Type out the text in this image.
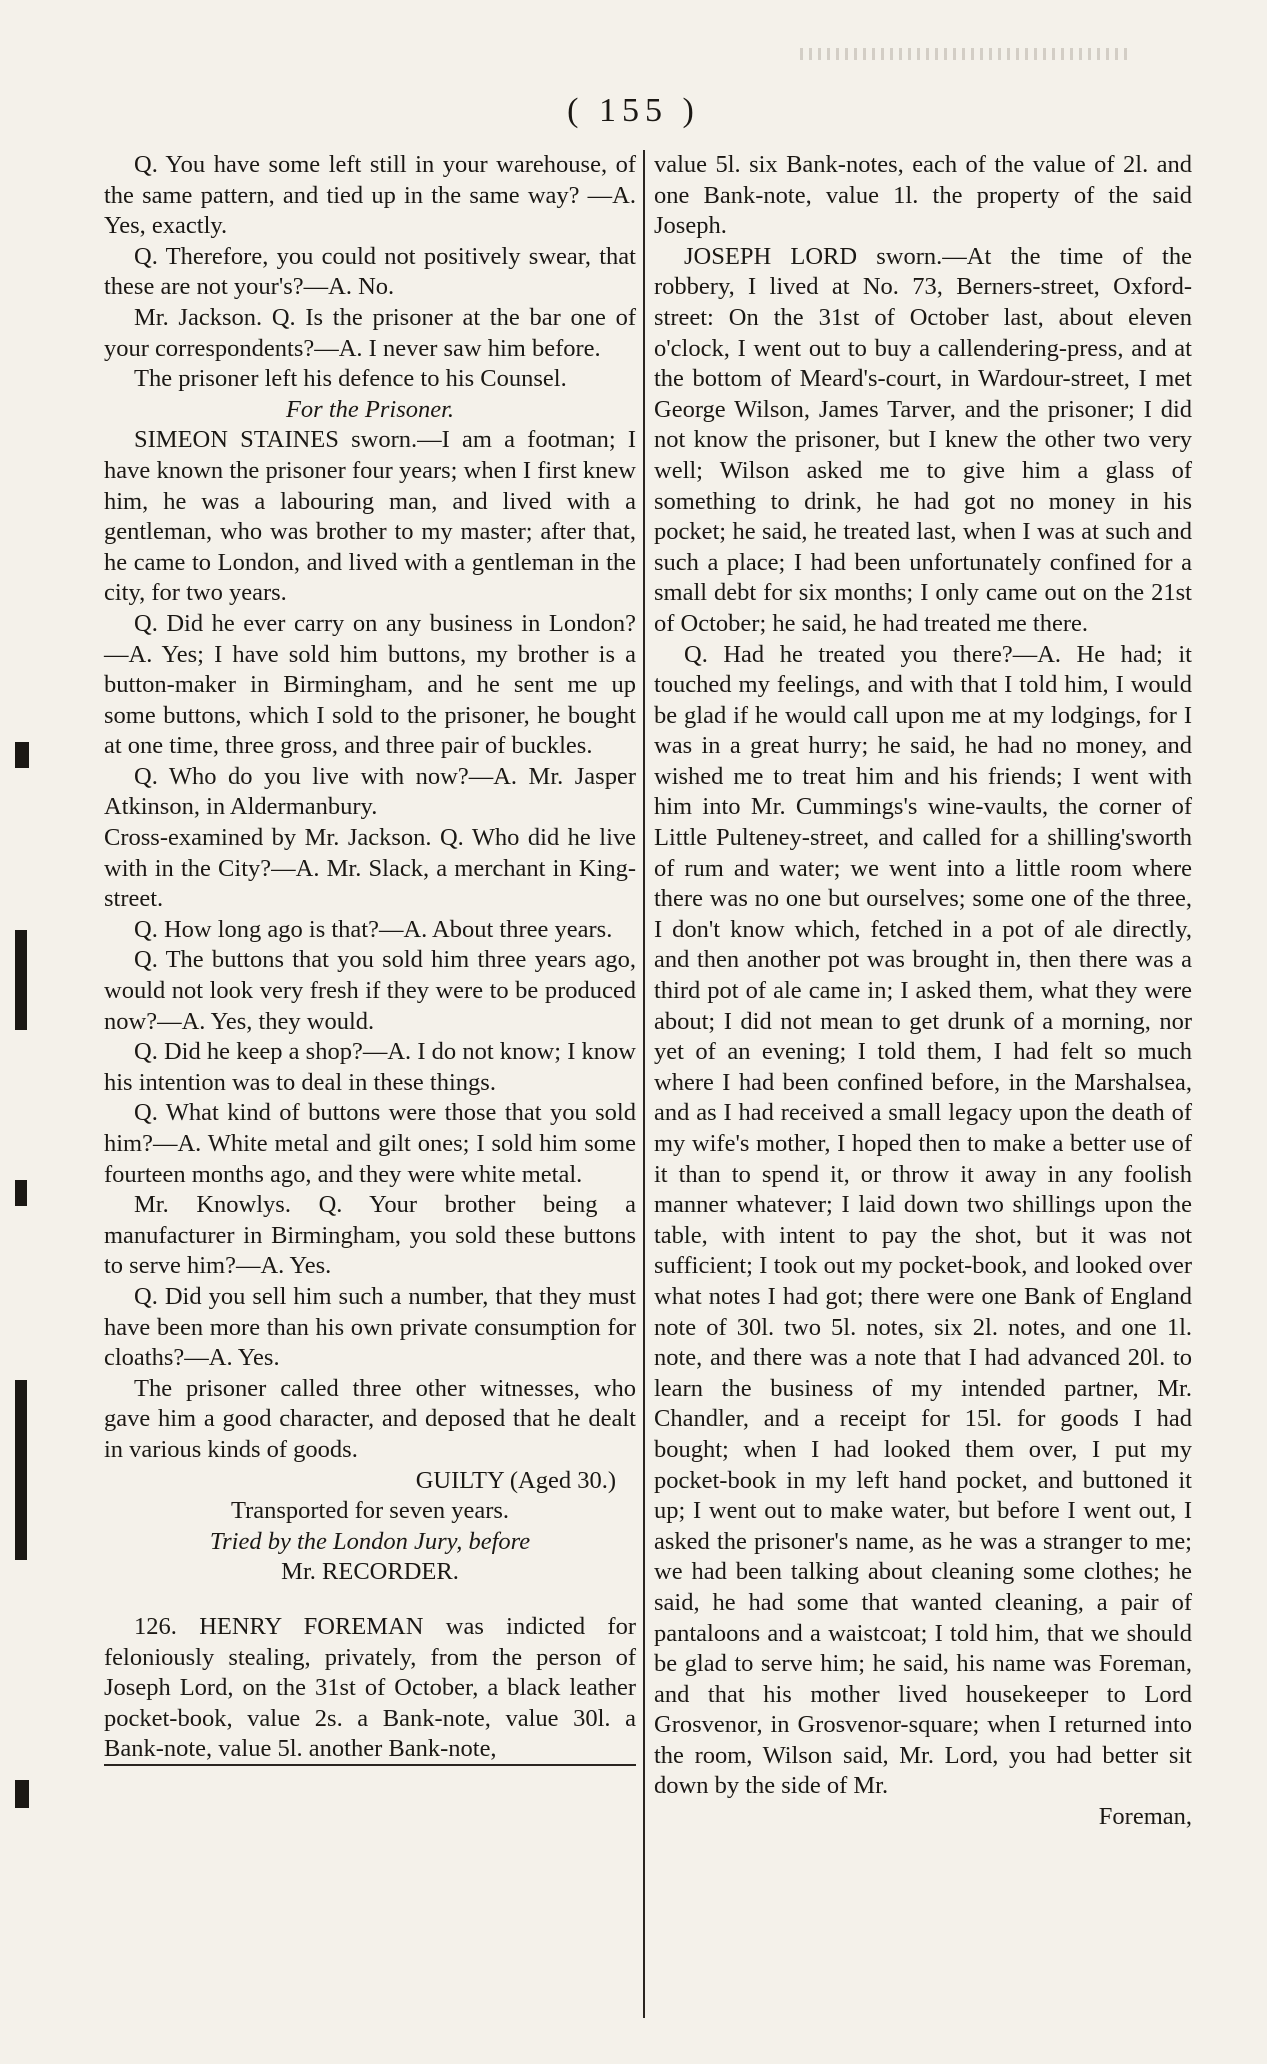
( 155 )

Q. You have some left still in your warehouse, of the same pattern, and tied up in the same way? —A. Yes, exactly.

Q. Therefore, you could not positively swear, that these are not your's?—A. No.

Mr. Jackson. Q. Is the prisoner at the bar one of your correspondents?—A. I never saw him before.

The prisoner left his defence to his Counsel.

For the Prisoner.

SIMEON STAINES sworn.—I am a footman; I have known the prisoner four years; when I first knew him, he was a labouring man, and lived with a gentleman, who was brother to my master; after that, he came to London, and lived with a gentleman in the city, for two years.

Q. Did he ever carry on any business in London?—A. Yes; I have sold him buttons, my brother is a button-maker in Birmingham, and he sent me up some buttons, which I sold to the prisoner, he bought at one time, three gross, and three pair of buckles.

Q. Who do you live with now?—A. Mr. Jasper Atkinson, in Aldermanbury.

Cross-examined by Mr. Jackson. Q. Who did he live with in the City?—A. Mr. Slack, a merchant in King-street.

Q. How long ago is that?—A. About three years.

Q. The buttons that you sold him three years ago, would not look very fresh if they were to be produced now?—A. Yes, they would.

Q. Did he keep a shop?—A. I do not know; I know his intention was to deal in these things.

Q. What kind of buttons were those that you sold him?—A. White metal and gilt ones; I sold him some fourteen months ago, and they were white metal.

Mr. Knowlys. Q. Your brother being a manufacturer in Birmingham, you sold these buttons to serve him?—A. Yes.

Q. Did you sell him such a number, that they must have been more than his own private consumption for cloaths?—A. Yes.

The prisoner called three other witnesses, who gave him a good character, and deposed that he dealt in various kinds of goods.

GUILTY (Aged 30.)

Transported for seven years.

Tried by the London Jury, before

Mr. RECORDER.

126. HENRY FOREMAN was indicted for feloniously stealing, privately, from the person of Joseph Lord, on the 31st of October, a black leather pocket-book, value 2s. a Bank-note, value 30l. a Bank-note, value 5l. another Bank-note,

value 5l. six Bank-notes, each of the value of 2l. and one Bank-note, value 1l. the property of the said Joseph.

JOSEPH LORD sworn.—At the time of the robbery, I lived at No. 73, Berners-street, Oxford-street: On the 31st of October last, about eleven o'clock, I went out to buy a callendering-press, and at the bottom of Meard's-court, in Wardour-street, I met George Wilson, James Tarver, and the prisoner; I did not know the prisoner, but I knew the other two very well; Wilson asked me to give him a glass of something to drink, he had got no money in his pocket; he said, he treated last, when I was at such and such a place; I had been unfortunately confined for a small debt for six months; I only came out on the 21st of October; he said, he had treated me there.

Q. Had he treated you there?—A. He had; it touched my feelings, and with that I told him, I would be glad if he would call upon me at my lodgings, for I was in a great hurry; he said, he had no money, and wished me to treat him and his friends; I went with him into Mr. Cummings's wine-vaults, the corner of Little Pulteney-street, and called for a shilling'sworth of rum and water; we went into a little room where there was no one but ourselves; some one of the three, I don't know which, fetched in a pot of ale directly, and then another pot was brought in, then there was a third pot of ale came in; I asked them, what they were about; I did not mean to get drunk of a morning, nor yet of an evening; I told them, I had felt so much where I had been confined before, in the Marshalsea, and as I had received a small legacy upon the death of my wife's mother, I hoped then to make a better use of it than to spend it, or throw it away in any foolish manner whatever; I laid down two shillings upon the table, with intent to pay the shot, but it was not sufficient; I took out my pocket-book, and looked over what notes I had got; there were one Bank of England note of 30l. two 5l. notes, six 2l. notes, and one 1l. note, and there was a note that I had advanced 20l. to learn the business of my intended partner, Mr. Chandler, and a receipt for 15l. for goods I had bought; when I had looked them over, I put my pocket-book in my left hand pocket, and buttoned it up; I went out to make water, but before I went out, I asked the prisoner's name, as he was a stranger to me; we had been talking about cleaning some clothes; he said, he had some that wanted cleaning, a pair of pantaloons and a waistcoat; I told him, that we should be glad to serve him; he said, his name was Foreman, and that his mother lived housekeeper to Lord Grosvenor, in Grosvenor-square; when I returned into the room, Wilson said, Mr. Lord, you had better sit down by the side of Mr.

Foreman,
